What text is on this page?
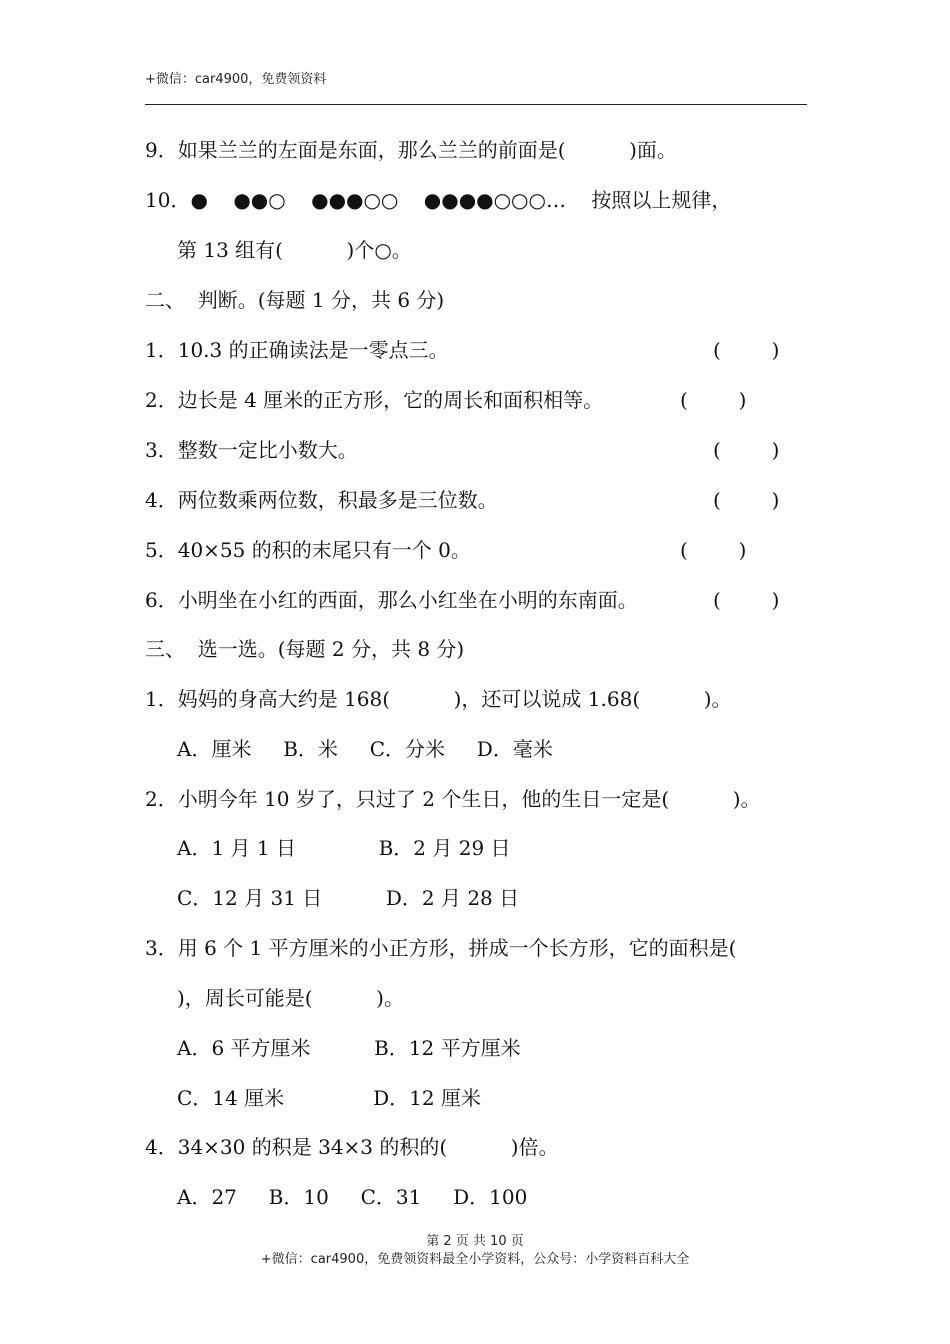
+微信：car4900，免费领资料
9．如果兰兰的左面是东面，那么兰兰的前面是(          )面。
10．●    ●●○    ●●●○○    ●●●●○○○…    按照以上规律，
第 13 组有(          )个○。
二、  判断。(每题 1 分，共 6 分)
1．10.3 的正确读法是一零点三。	(        )
2．边长是 4 厘米的正方形，它的周长和面积相等。	(        )
3．整数一定比小数大。	(        )
4．两位数乘两位数，积最多是三位数。	(        )
5．40×55 的积的末尾只有一个 0。	(        )
6．小明坐在小红的西面，那么小红坐在小明的东南面。	(        )
三、  选一选。(每题 2 分，共 8 分)
1．妈妈的身高大约是 168(          )，还可以说成 1.68(          )。
A．厘米     B．米     C．分米     D．毫米
2．小明今年 10 岁了，只过了 2 个生日，他的生日一定是(          )。
A．1 月 1 日             B．2 月 29 日
C．12 月 31 日          D．2 月 28 日
3．用 6 个 1 平方厘米的小正方形，拼成一个长方形，它的面积是(
)，周长可能是(          )。
A．6 平方厘米          B．12 平方厘米
C．14 厘米              D．12 厘米
4．34×30 的积是 34×3 的积的(          )倍。
A．27     B．10     C．31     D．100
第 2 页 共 10 页
+微信：car4900，免费领资料最全小学资料，公众号：小学资料百科大全
